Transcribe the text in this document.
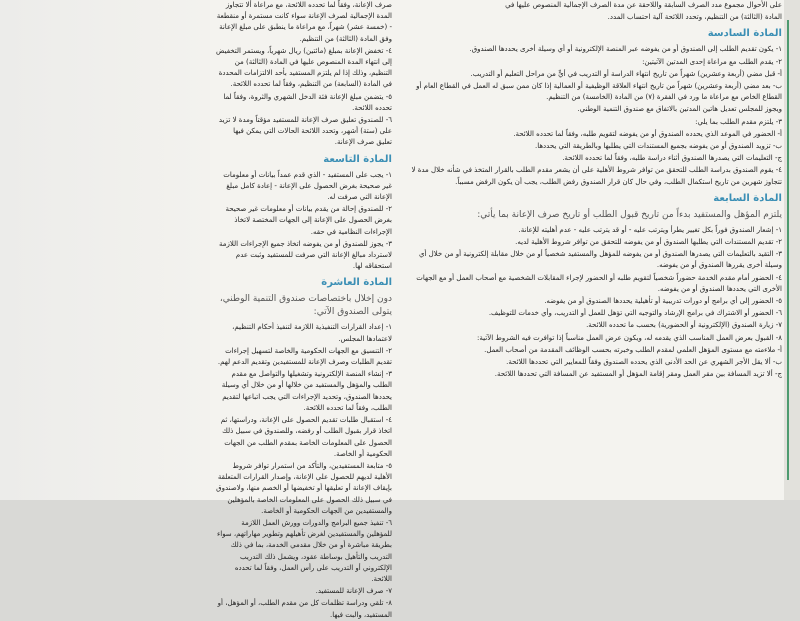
على الأحوال مجموع مدد الصرف السابقة واللاحقة عن مدة الصرف الإجمالية المنصوص عليها في
المادة (الثالثة) من التنظيم، وتحدد اللائحة آلية احتساب المدد.
المادة السادسة
١- يكون تقديم الطلب إلى الصندوق أو من يفوضه عبر المنصة الإلكترونية أو أي وسيلة أخرى يحددها الصندوق.
٢- يقدم الطلب مع مراعاة إحدى المدتين الآتيتين:
أ- قبل مضي (أربعة وعشرين) شهراً من تاريخ انتهاء الدراسة أو التدريب في أيٍّ من مراحل التعليم أو التدريب.
ب- بعد مضي (أربعة وعشرين) شهراً من تاريخ انتهاء العلاقة الوظيفية أو العمالية إذا كان ممن سبق له العمل في القطاع العام أو القطاع الخاص مع مراعاة ما ورد في الفقرة (٧) من المادة (الخامسة) من التنظيم.
ويجوز للمجلس تعديل هاتين المدتين بالاتفاق مع صندوق التنمية الوطني.
٣- يلتزم مقدم الطلب بما يلي:
أ- الحضور في الموعد الذي يحدده الصندوق أو من يفوضه لتقويم طلبه، وفقاً لما تحدده اللائحة.
ب- تزويد الصندوق أو من يفوضه بجميع المستندات التي يطلبها وبالطريقة التي يحددها.
ج- التعليمات التي يصدرها الصندوق أثناء دراسة طلبه، وفقاً لما تحدده اللائحة.
٤- يقوم الصندوق بدراسة الطلب للتحقق من توافر شروط الأهلية على أن يشعر مقدم الطلب بالقرار المتخذ في شأنه خلال مدة لا تتجاوز شهرين من تاريخ استكمال الطلب، وفي حال كان قرار الصندوق رفض الطلب، يجب أن يكون الرفض مسبباً.
المادة السابعة
يلتزم المؤهل والمستفيد بدءاً من تاريخ قبول الطلب أو تاريخ صرف الإعانة بما يأتي:
١- إشعار الصندوق فوراً بكل تغيير يطرأ ويترتب عليه - أو قد يترتب عليه - عدم أهليته للإعانة.
٢- تقديم المستندات التي يطلبها الصندوق أو من يفوضه للتحقق من توافر شروط الأهلية لديه.
٣- التقيد بالتعليمات التي يصدرها الصندوق أو من يفوضه للمؤهل والمستفيد شخصياً أو من خلال مقابلة إلكترونية أو من خلال أي وسيلة أخرى يقررها الصندوق أو من يفوضه.
٤- الحضور أمام مقدم الخدمة حضوراً شخصياً لتقويم طلبه أو الحضور لإجراء المقابلات الشخصية مع أصحاب العمل أو مع الجهات الأخرى التي يحددها الصندوق أو من يفوضه.
٥- الحضور إلى أي برامج أو دورات تدريبية أو تأهيلية يحددها الصندوق أو من يفوضه.
٦- الحضور أو الاشتراك في برامج الإرشاد والتوجيه التي تؤهل للعمل أو التدريب، وأي خدمات للتوظيف.
٧- زيارة الصندوق (الإلكترونية أو الحضورية) بحسب ما تحدده اللائحة.
٨- القبول بعرض العمل المناسب الذي يقدمه له، ويكون عرض العمل مناسباً إذا توافرت فيه الشروط الآتية:
أ- ملاءمته مع مستوى المؤهل العلمي لمقدم الطلب وخبرته بحسب الوظائف المقدمة من أصحاب العمل.
ب- ألا يقل الأجر الشهري عن الحد الأدنى الذي يحدده الصندوق وفقاً للمعايير التي تحددها اللائحة.
ج- ألا تزيد المسافة بين مقر العمل ومقر إقامة المؤهل أو المستفيد عن المسافة التي تحددها اللائحة.
صرف الإعانة، وفقاً لما تحدده اللائحة، مع مراعاة ألا تتجاوز المدة الإجمالية لصرف الإعانة سواء كانت مستمرة أو منقطعة - (خمسة عشر) شهراً، مع مراعاة ما ينطبق على مبلغ الإعانة وفق المادة (الثالثة) من التنظيم.
٤- تخفض الإعانة بمبلغ (مائتين) ريال شهرياً، ويستمر التخفيض إلى انتهاء المدة المنصوص عليها في المادة (الثالثة) من التنظيم، وذلك إذا لم يلتزم المستفيد بأحد الالتزامات المحددة في المادة (السابعة) من التنظيم، وفقاً لما تحدده اللائحة.
٥- يتضمن مبلغ الإعانة فئة الدخل الشهري والثروة، وفقاً لما تحدده اللائحة.
٦- للصندوق تعليق صرف الإعانة للمستفيد مؤقتاً ومدة لا تزيد على (ستة) أشهر، وتحدد اللائحة الحالات التي يمكن فيها تعليق صرف الإعانة.
المادة التاسعة
١- يجب على المستفيد - الذي قدم عمداً بيانات أو معلومات غير صحيحة بغرض الحصول على الإعانة - إعادة كامل مبلغ الإعانة التي صرفت له.
٢- للصندوق إحالة من يقدم بيانات أو معلومات غير صحيحة بغرض الحصول على الإعانة إلى الجهات المختصة لاتخاذ الإجراءات النظامية في حقه.
٣- يجوز للصندوق أو من يفوضه اتخاذ جميع الإجراءات اللازمة لاسترداد مبالغ الإعانة التي صرفت للمستفيد وثبت عدم استحقاقه لها.
المادة العاشرة
دون إخلال باختصاصات صندوق التنمية الوطني، يتولى الصندوق الآتي:
١- إعداد القرارات التنفيذية اللازمة لتنفيذ أحكام التنظيم، لاعتمادها المجلس.
٢- التنسيق مع الجهات الحكومية والخاصة لتسهيل إجراءات تقديم الطلبات وصرف الإعانة للمستفيدين وتقديم الدعم لهم.
٣- إنشاء المنصة الإلكترونية وتشغيلها والتواصل مع مقدم الطلب والمؤهل والمستفيد من خلالها أو من خلال أي وسيلة يحددها الصندوق، وتحديد الإجراءات التي يجب اتباعها لتقديم الطلب، وفقاً لما تحدده اللائحة.
٤- استقبال طلبات تقديم الحصول على الإعانة، ودراستها، ثم اتخاذ قرار بقبول الطلب أو رفضه، وللصندوق في سبيل ذلك الحصول على المعلومات الخاصة بمقدم الطلب من الجهات الحكومية أو الخاصة.
٥- متابعة المستفيدين، والتأكد من استمرار توافر شروط الأهلية لديهم للحصول على الإعانة، وإصدار القرارات المتعلقة بإيقاف الإعانة أو تعليقها أو تخفيضها أو الخصم منها، ولاصندوق في سبيل ذلك الحصول على المعلومات الخاصة بالمؤهلين والمستفيدين من الجهات الحكومية أو الخاصة.
٦- تنفيذ جميع البرامج والدورات وورش العمل اللازمة للمؤهلين والمستفيدين لغرض تأهيلهم وتطوير مهاراتهم، سواء بطريقة مباشرة أو من خلال مقدمي الخدمة، بما في ذلك التدريب والتأهيل بوساطة عقود، ويشمل ذلك التدريب الإلكتروني أو التدريب على رأس العمل، وفقاً لما تحدده اللائحة.
٧- صرف الإعانة للمستفيد.
٨- تلقي ودراسة تظلمات كل من مقدم الطلب، أو المؤهل، أو المستفيد، والبت فيها.
